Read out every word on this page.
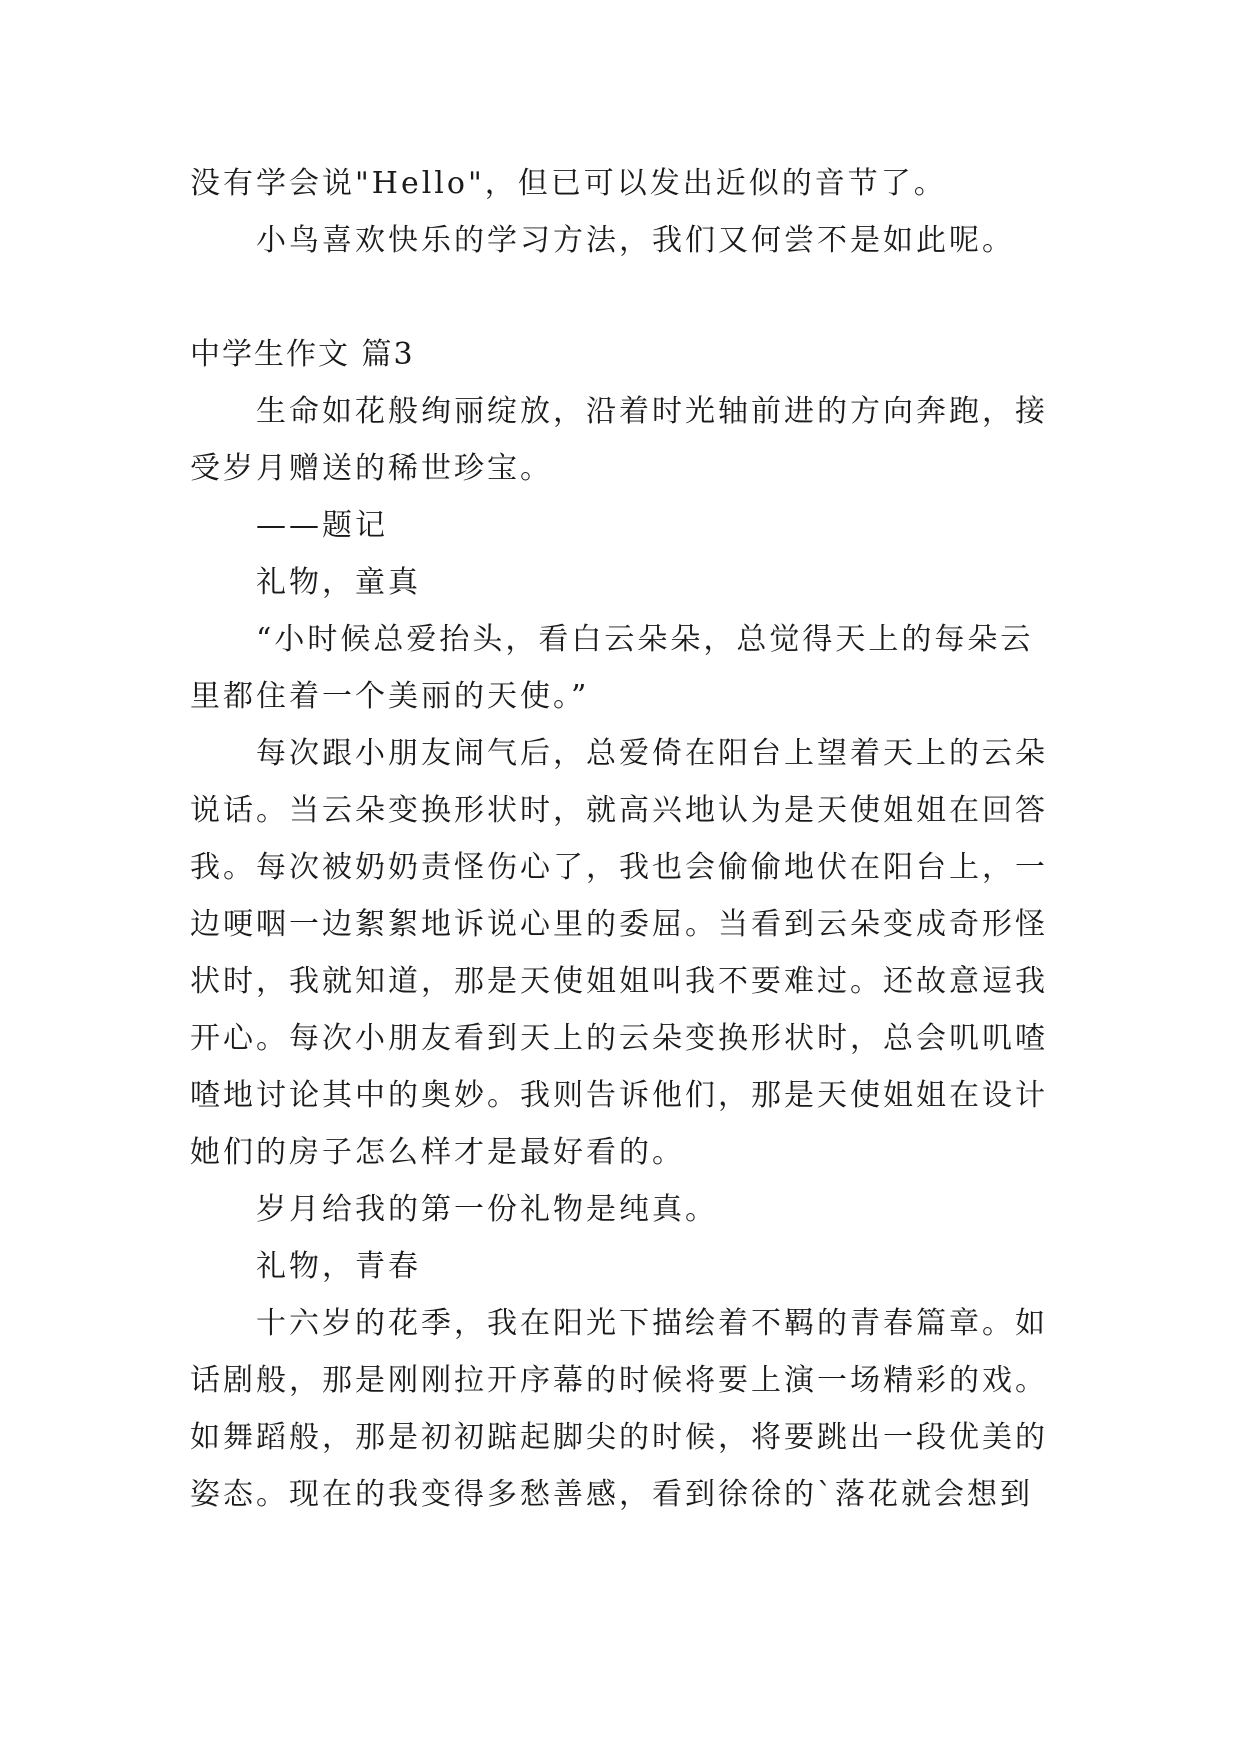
没有学会说"Hello"，但已可以发出近似的音节了。

小鸟喜欢快乐的学习方法，我们又何尝不是如此呢。

中学生作文 篇3

生命如花般绚丽绽放，沿着时光轴前进的方向奔跑，接

受岁月赠送的稀世珍宝。

——题记

礼物，童真

“小时候总爱抬头，看白云朵朵，总觉得天上的每朵云

里都住着一个美丽的天使。”

每次跟小朋友闹气后，总爱倚在阳台上望着天上的云朵

说话。当云朵变换形状时，就高兴地认为是天使姐姐在回答

我。每次被奶奶责怪伤心了，我也会偷偷地伏在阳台上，一

边哽咽一边絮絮地诉说心里的委屈。当看到云朵变成奇形怪

状时，我就知道，那是天使姐姐叫我不要难过。还故意逗我

开心。每次小朋友看到天上的云朵变换形状时，总会叽叽喳

喳地讨论其中的奥妙。我则告诉他们，那是天使姐姐在设计

她们的房子怎么样才是最好看的。

岁月给我的第一份礼物是纯真。

礼物，青春

十六岁的花季，我在阳光下描绘着不羁的青春篇章。如

话剧般，那是刚刚拉开序幕的时候将要上演一场精彩的戏。

如舞蹈般，那是初初踮起脚尖的时候，将要跳出一段优美的

姿态。现在的我变得多愁善感，看到徐徐的`落花就会想到
